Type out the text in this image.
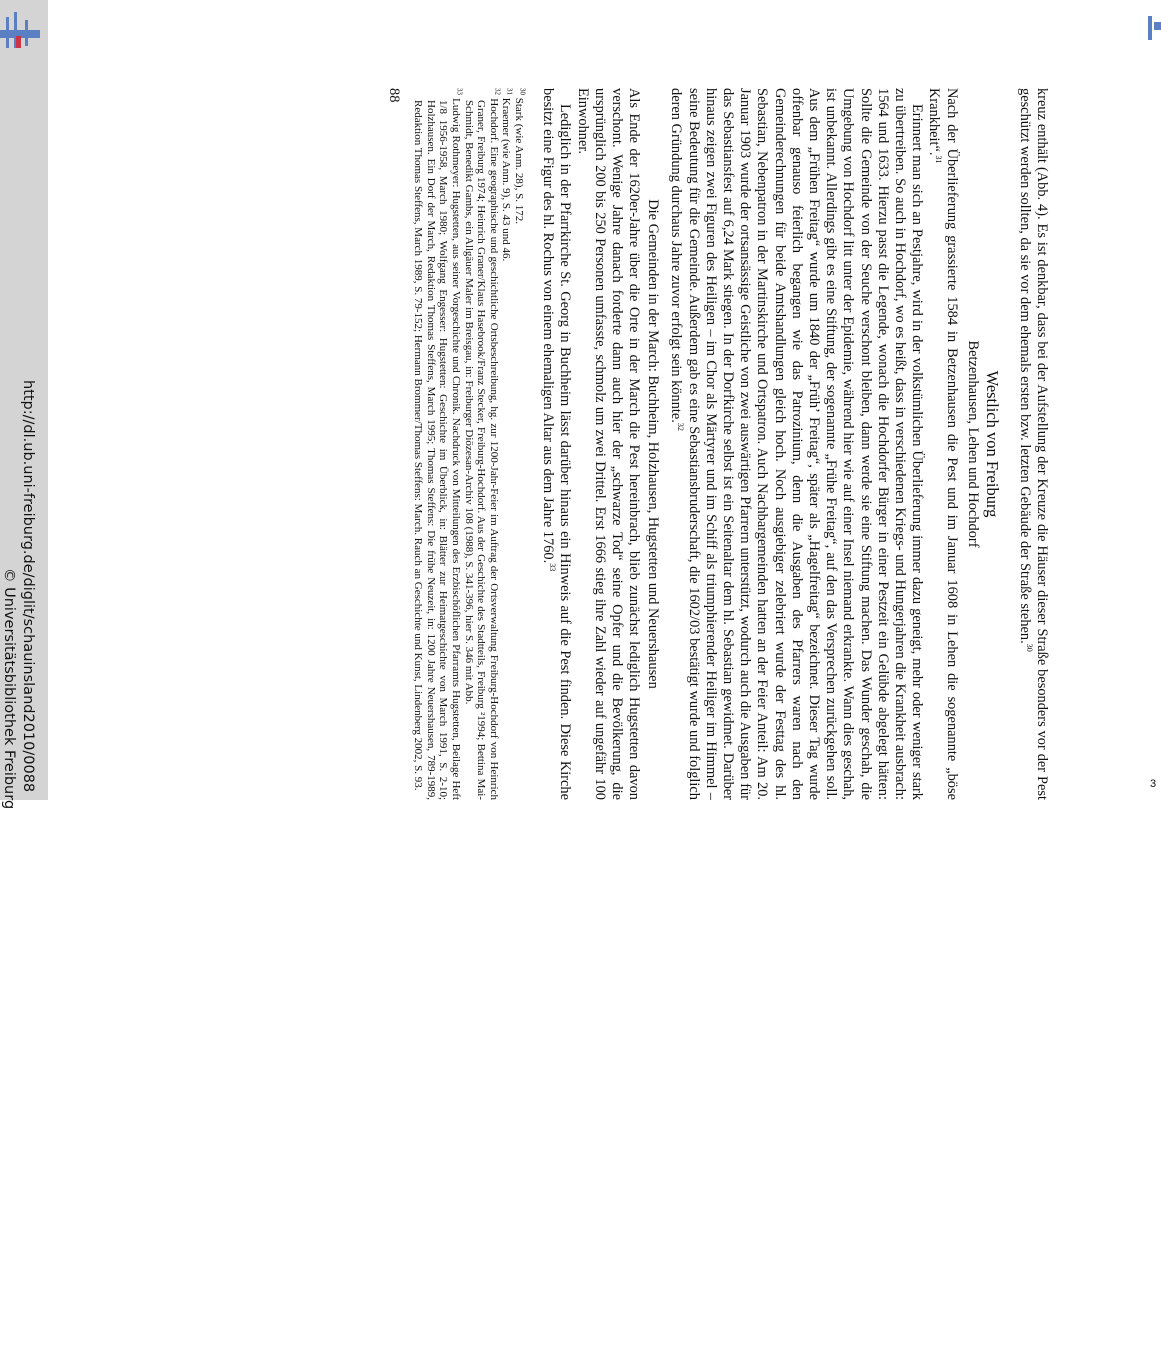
3
http://dl.ub.uni-freiburg.de/diglit/schauinsland2010/0088
© Universitätsbibliothek Freiburg	kreuz enthält (Abb. 4). Es ist denkbar, dass bei der Aufstellung der Kreuze die Häuser dieser Straße besonders vor der Pest geschützt werden sollten, da sie vor dem ehemals ersten bzw. letzten Gebäude der Straße stehen.$^{30}$

Westlich von Freiburg
Betzenhausen, Lehen und Hochdorf

Nach der Überlieferung grassierte 1584 in Betzenhausen die Pest und im Januar 1608 in Lehen die sogenannte „böse Krankheit“.$^{31}$

Erinnert man sich an Pestjahre, wird in der volkstümlichen Überlieferung immer dazu geneigt, mehr oder weniger stark zu übertreiben. So auch in Hochdorf, wo es heißt, dass in verschiedenen Kriegs- und Hungerjahren die Krankheit ausbrach: 1564 und 1633. Hierzu passt die Legende, wonach die Hochdorfer Bürger in einer Pestzeit ein Gelübde abgelegt hätten: Sollte die Gemeinde von der Seuche verschont bleiben, dann werde sie eine Stiftung machen. Das Wunder geschah, die Umgebung von Hochdorf litt unter der Epidemie, während hier wie auf einer Insel niemand erkrankte. Wann dies geschah, ist unbekannt. Allerdings gibt es eine Stiftung, der sogenannte „Frühe Freitag“, auf den das Versprechen zurückgehen soll. Aus dem „Frühen Freitag“ wurde um 1840 der „Früh’ Freitag“, später als „Hagelfreitag“ bezeichnet. Dieser Tag wurde offenbar genauso feierlich begangen wie das Patrozinium, denn die Ausgaben des Pfarrers waren nach den Gemeinderechnungen für beide Amtshandlungen gleich hoch. Noch ausgiebiger zelebriert wurde der Festtag des hl. Sebastian, Nebenpatron in der Martinskirche und Ortspatron. Auch Nachbargemeinden hatten an der Feier Anteil: Am 20. Januar 1903 wurde der ortsansässige Geistliche von zwei auswärtigen Pfarrern unterstützt, wodurch auch die Ausgaben für das Sebastiansfest auf 6,24 Mark stiegen. In der Dorfkirche selbst ist ein Seitenaltar dem hl. Sebastian gewidmet. Darüber hinaus zeigen zwei Figuren des Heiligen – im Chor als Märtyrer und im Schiff als triumphierender Heiliger im Himmel – seine Bedeutung für die Gemeinde. Außerdem gab es eine Sebastiansbruderschaft, die 1602/03 bestätigt wurde und folglich deren Gründung durchaus Jahre zuvor erfolgt sein könnte.$^{32}$

Die Gemeinden in der March: Buchheim, Holzhausen, Hugstetten und Neuershausen

Als Ende der 1620er-Jahre über die Orte in der March die Pest hereinbrach, blieb zunächst lediglich Hugstetten davon verschont. Wenige Jahre danach forderte dann auch hier der „schwarze Tod“ seine Opfer und die Bevölkerung, die ursprünglich 200 bis 250 Personen umfasste, schmolz um zwei Drittel. Erst 1666 stieg ihre Zahl wieder auf ungefähr 100 Einwohner.

Lediglich in der Pfarrkirche St. Georg in Buchheim lässt darüber hinaus ein Hinweis auf die Pest finden. Diese Kirche besitzt eine Figur des hl. Rochus von einem ehemaligen Altar aus dem Jahre 1760.33

$^{30}$ Stark (wie Anm. 28), S. 172.

$^{31}$ Kraemer (wie Anm. 9), S. 43 und 46.

$^{32}$ Hochdorf. Eine geographische und geschichtliche Ortsbeschreibung, hg. zur 1200-Jahr-Feier im Auftrag der Ortsverwaltung Freiburg-Hochdorf von Heinrich Graner, Freiburg 1974; Heinrich Graner/Klaus Hasebrook/Franz Stecker, Freiburg-Hochdorf. Aus der Geschichte des Stadtteils, Freiburg ²1994; Bettina Mai-Schmidt, Benedikt Gambs, ein Allgäuer Maler im Breisgau, in: Freiburger Diözesan-Archiv 108 (1988), S. 341-396, hier S. 346 mit Abb.

$^{33}$ Ludwig Rothmeyer: Hugstetten, aus seiner Vorgeschichte und Chronik. Nachdruck von Mitteilungen des Erzbischöflichen Pfarramts Hugstetten, Beilage Heft 1/8 1956-1958, March 1980; Wolfgang Engesser: Hugstetten: Geschichte im Überblick, in: Blätter zur Heimatgeschichte von March 1991, S. 2-10; Holzhausen. Ein Dorf der March, Redaktion Thomas Steffens, March 1995; Thomas Steffens: Die frühe Neuzeit, in: 1200 Jahre Neuershausen, 789-1989, Redaktion Thomas Steffens, March 1989, S. 79-152; Hermann Brommer/Thomas Steffens: March. Rauch an Geschichte und Kunst, Lindenberg 2002, S. 93.

88
